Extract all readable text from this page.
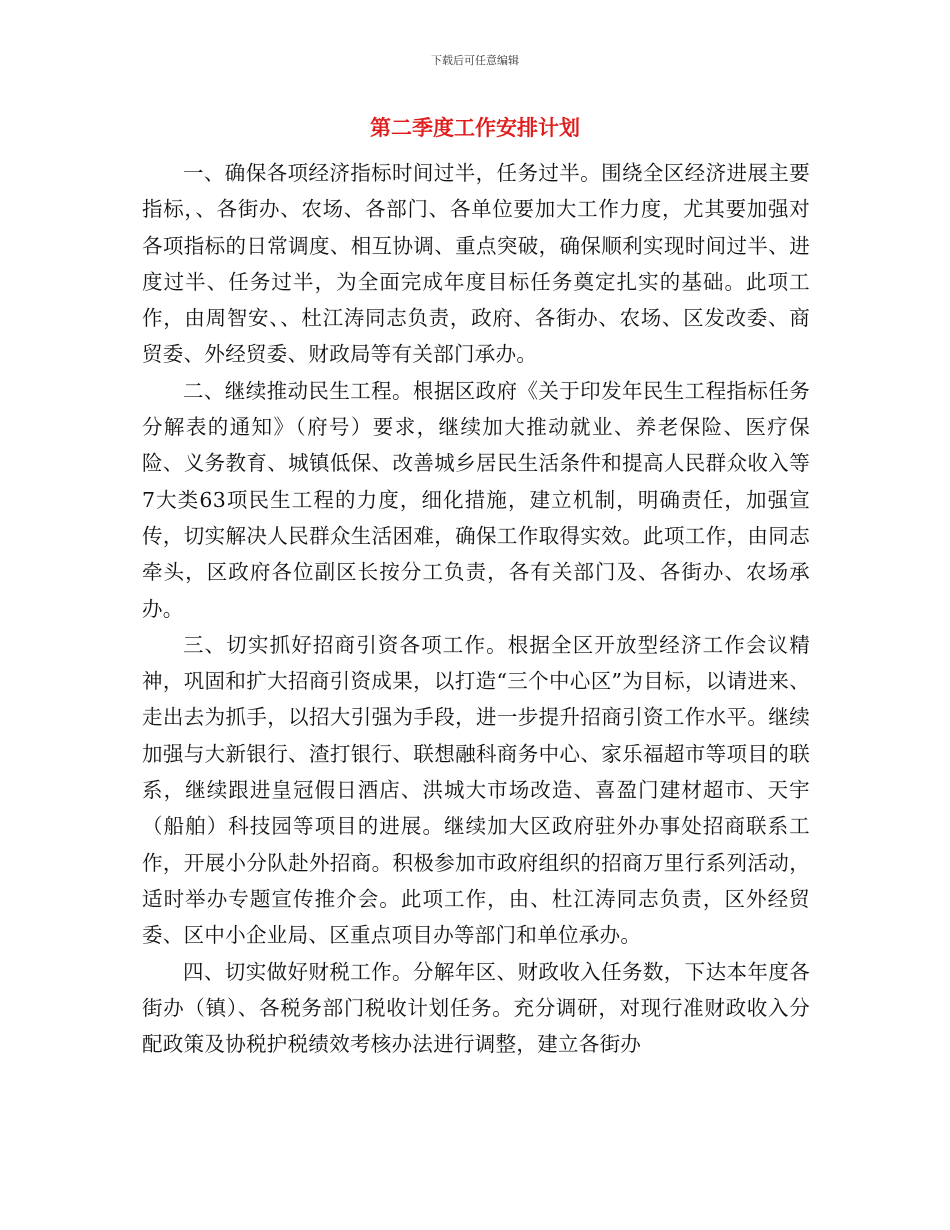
下载后可任意编辑
第二季度工作安排计划

一、确保各项经济指标时间过半，任务过半。围绕全区经济进展主要指标，、各街办、农场、各部门、各单位要加大工作力度，尤其要加强对各项指标的日常调度、相互协调、重点突破，确保顺利实现时间过半、进度过半、任务过半，为全面完成年度目标任务奠定扎实的基础。此项工作，由周智安、、杜江涛同志负责，政府、各街办、农场、区发改委、商贸委、外经贸委、财政局等有关部门承办。

二、继续推动民生工程。根据区政府《关于印发年民生工程指标任务分解表的通知》（府号）要求，继续加大推动就业、养老保险、医疗保险、义务教育、城镇低保、改善城乡居民生活条件和提高人民群众收入等7大类63项民生工程的力度，细化措施，建立机制，明确责任，加强宣传，切实解决人民群众生活困难，确保工作取得实效。此项工作，由同志牵头，区政府各位副区长按分工负责，各有关部门及、各街办、农场承办。

三、切实抓好招商引资各项工作。根据全区开放型经济工作会议精神，巩固和扩大招商引资成果，以打造“三个中心区”为目标，以请进来、走出去为抓手，以招大引强为手段，进一步提升招商引资工作水平。继续加强与大新银行、渣打银行、联想融科商务中心、家乐福超市等项目的联系，继续跟进皇冠假日酒店、洪城大市场改造、喜盈门建材超市、天宇（船舶）科技园等项目的进展。继续加大区政府驻外办事处招商联系工作，开展小分队赴外招商。积极参加市政府组织的招商万里行系列活动，适时举办专题宣传推介会。此项工作，由、杜江涛同志负责，区外经贸委、区中小企业局、区重点项目办等部门和单位承办。

四、切实做好财税工作。分解年区、财政收入任务数，下达本年度各街办（镇）、各税务部门税收计划任务。充分调研，对现行准财政收入分配政策及协税护税绩效考核办法进行调整，建立各街办
